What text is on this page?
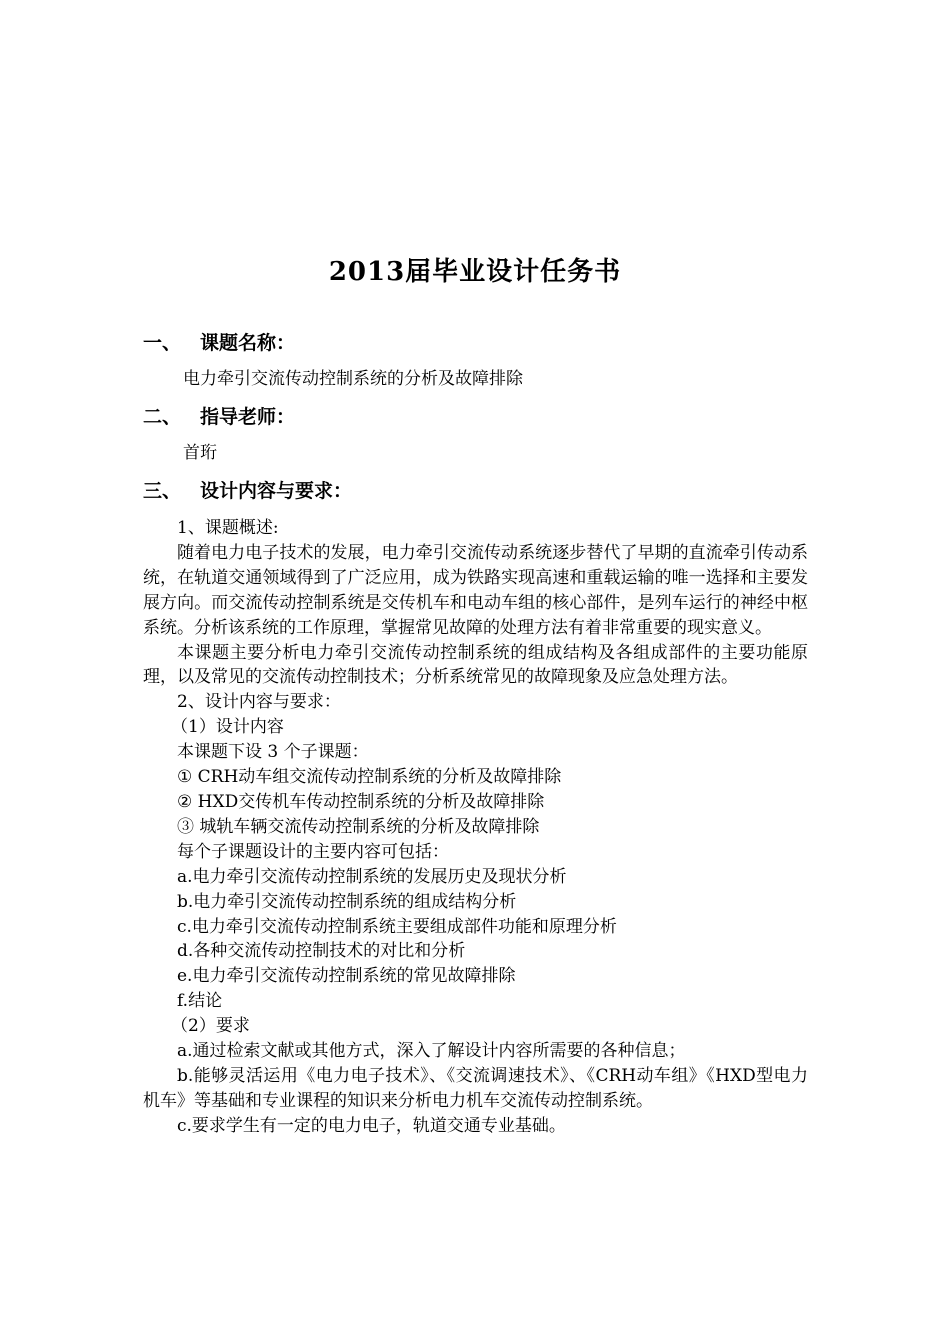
2013届毕业设计任务书
一、 课题名称：
电力牵引交流传动控制系统的分析及故障排除
二、 指导老师：
首珩
三、 设计内容与要求：

1、课题概述:

随着电力电子技术的发展，电力牵引交流传动系统逐步替代了早期的直流牵引传动系统，在轨道交通领域得到了广泛应用，成为铁路实现高速和重载运输的唯一选择和主要发展方向。而交流传动控制系统是交传机车和电动车组的核心部件，是列车运行的神经中枢系统。分析该系统的工作原理，掌握常见故障的处理方法有着非常重要的现实意义。

本课题主要分析电力牵引交流传动控制系统的组成结构及各组成部件的主要功能原理，以及常见的交流传动控制技术；分析系统常见的故障现象及应急处理方法。

2、设计内容与要求：

（1）设计内容

本课题下设 3 个子课题：

① CRH动车组交流传动控制系统的分析及故障排除

② HXD交传机车传动控制系统的分析及故障排除

③ 城轨车辆交流传动控制系统的分析及故障排除

每个子课题设计的主要内容可包括：

a.电力牵引交流传动控制系统的发展历史及现状分析

b.电力牵引交流传动控制系统的组成结构分析

c.电力牵引交流传动控制系统主要组成部件功能和原理分析

d.各种交流传动控制技术的对比和分析

e.电力牵引交流传动控制系统的常见故障排除

f.结论

（2）要求

a.通过检索文献或其他方式，深入了解设计内容所需要的各种信息；

b.能够灵活运用《电力电子技术》、《交流调速技术》、《CRH动车组》《HXD型电力机车》等基础和专业课程的知识来分析电力机车交流传动控制系统。

c.要求学生有一定的电力电子，轨道交通专业基础。
